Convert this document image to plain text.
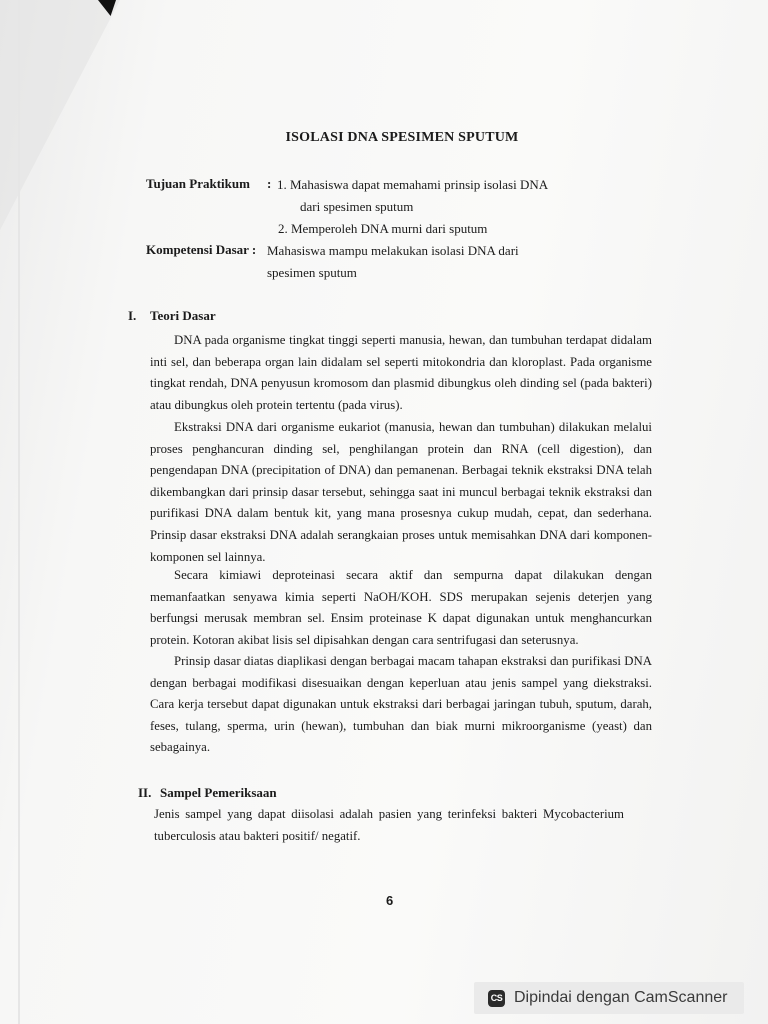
ISOLASI DNA SPESIMEN SPUTUM
Tujuan Praktikum : 1. Mahasiswa dapat memahami prinsip isolasi DNA
dari spesimen sputum
2. Memperoleh DNA murni dari sputum
Kompetensi Dasar : Mahasiswa mampu melakukan isolasi DNA dari
spesimen sputum
I. Teori Dasar
DNA pada organisme tingkat tinggi seperti manusia, hewan, dan tumbuhan terdapat didalam inti sel, dan beberapa organ lain didalam sel seperti mitokondria dan kloroplast. Pada organisme tingkat rendah, DNA penyusun kromosom dan plasmid dibungkus oleh dinding sel (pada bakteri) atau dibungkus oleh protein tertentu (pada virus).
Ekstraksi DNA dari organisme eukariot (manusia, hewan dan tumbuhan) dilakukan melalui proses penghancuran dinding sel, penghilangan protein dan RNA (cell digestion), dan pengendapan DNA (precipitation of DNA) dan pemanenan. Berbagai teknik ekstraksi DNA telah dikembangkan dari prinsip dasar tersebut, sehingga saat ini muncul berbagai teknik ekstraksi dan purifikasi DNA dalam bentuk kit, yang mana prosesnya cukup mudah, cepat, dan sederhana. Prinsip dasar ekstraksi DNA adalah serangkaian proses untuk memisahkan DNA dari komponen-komponen sel lainnya.
Secara kimiawi deproteinasi secara aktif dan sempurna dapat dilakukan dengan memanfaatkan senyawa kimia seperti NaOH/KOH. SDS merupakan sejenis deterjen yang berfungsi merusak membran sel. Ensim proteinase K dapat digunakan untuk menghancurkan protein. Kotoran akibat lisis sel dipisahkan dengan cara sentrifugasi dan seterusnya.
Prinsip dasar diatas diaplikasi dengan berbagai macam tahapan ekstraksi dan purifikasi DNA dengan berbagai modifikasi disesuaikan dengan keperluan atau jenis sampel yang diekstraksi. Cara kerja tersebut dapat digunakan untuk ekstraksi dari berbagai jaringan tubuh, sputum, darah, feses, tulang, sperma, urin (hewan), tumbuhan dan biak murni mikroorganisme (yeast) dan sebagainya.
II. Sampel Pemeriksaan
Jenis sampel yang dapat diisolasi adalah pasien yang terinfeksi bakteri Mycobacterium tuberculosis atau bakteri positif/ negatif.
6
CS Dipindai dengan CamScanner
